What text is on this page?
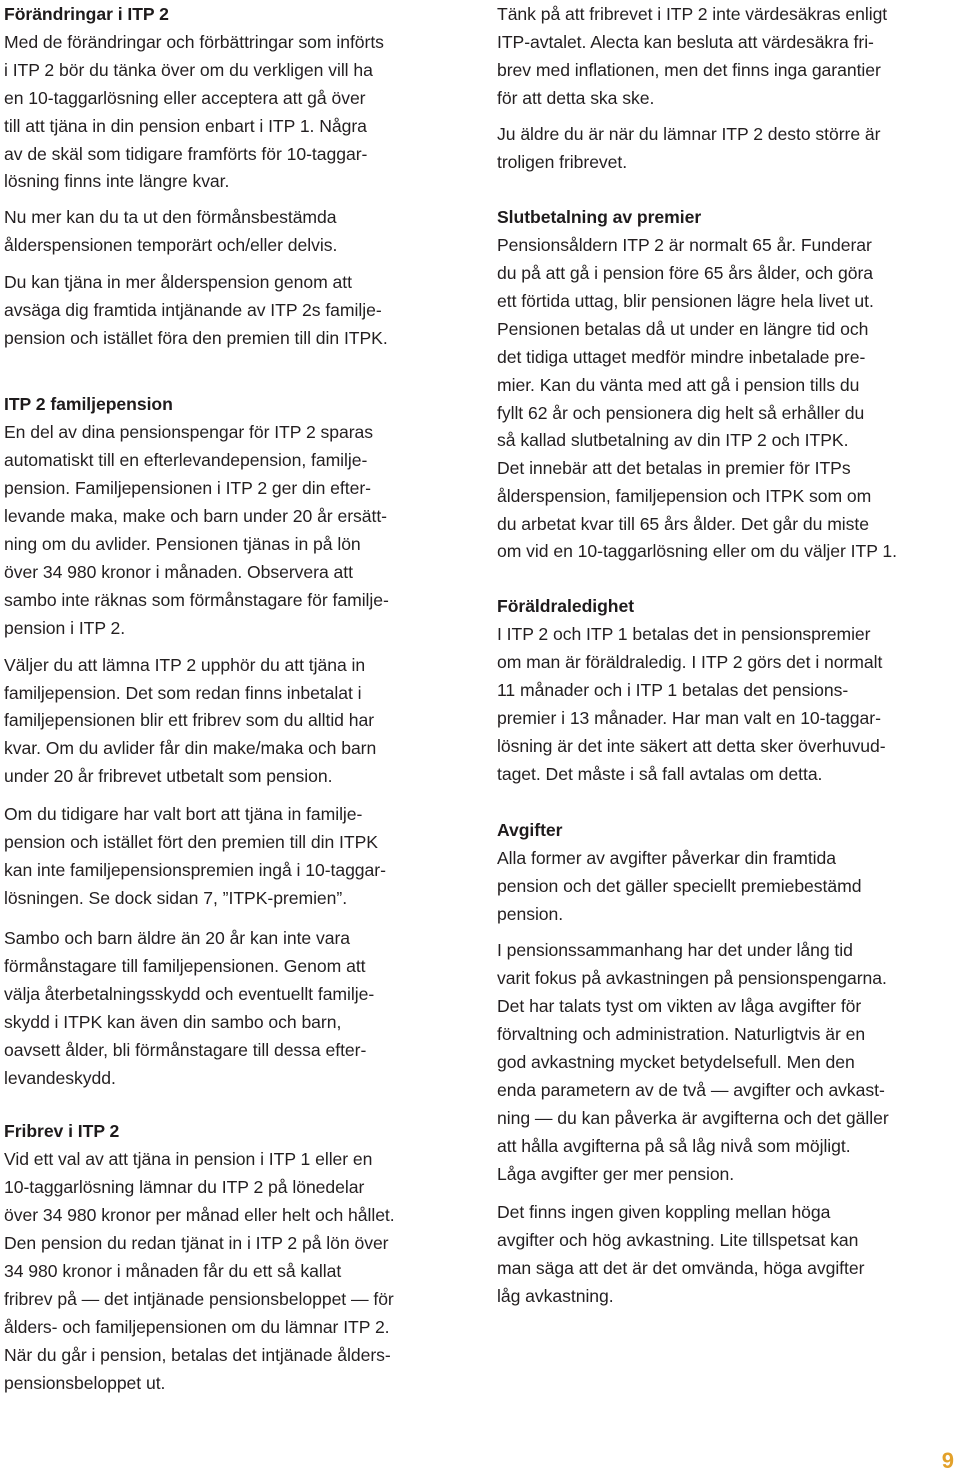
Förändringar i ITP 2
Med de förändringar och förbättringar som införts
i ITP 2 bör du tänka över om du verkligen vill ha
en 10-taggarlösning eller acceptera att gå över
till att tjäna in din pension enbart i ITP 1. Några
av de skäl som tidigare framförts för 10-taggar-
lösning finns inte längre kvar.
Nu mer kan du ta ut den förmånsbestämda
ålderspensionen temporärt och/eller delvis.
Du kan tjäna in mer ålderspension genom att
avsäga dig framtida intjänande av ITP 2s familje-
pension och istället föra den premien till din ITPK.
ITP 2 familjepension
En del av dina pensionspengar för ITP 2 sparas
automatiskt till en efterlevandepension, familje-
pension. Familjepensionen i ITP 2 ger din efter-
levande maka, make och barn under 20 år ersätt-
ning om du avlider. Pensionen tjänas in på lön
över 34 980 kronor i månaden. Observera att
sambo inte räknas som förmånstagare för familje-
pension i ITP 2.
Väljer du att lämna ITP 2 upphör du att tjäna in
familjepension. Det som redan finns inbetalat i
familjepensionen blir ett fribrev som du alltid har
kvar. Om du avlider får din make/maka och barn
under 20 år fribrevet utbetalt som pension.
Om du tidigare har valt bort att tjäna in familje-
pension och istället fört den premien till din ITPK
kan inte familjepensionspremien ingå i 10-taggar-
lösningen. Se dock sidan 7, ”ITPK-premien”.
Sambo och barn äldre än 20 år kan inte vara
förmånstagare till familjepensionen. Genom att
välja återbetalningsskydd och eventuellt familje-
skydd i ITPK kan även din sambo och barn,
oavsett ålder, bli förmånstagare till dessa efter-
levandeskydd.
Fribrev i ITP 2
Vid ett val av att tjäna in pension i ITP 1 eller en
10-taggarlösning lämnar du ITP 2 på lönedelar
över 34 980 kronor per månad eller helt och hållet.
Den pension du redan tjänat in i ITP 2 på lön över
34 980 kronor i månaden får du ett så kallat
fribrev på — det intjänade pensionsbeloppet — för
ålders- och familjepensionen om du lämnar ITP 2.
När du går i pension, betalas det intjänade ålders-
pensionsbeloppet ut.
Tänk på att fribrevet i ITP 2 inte värdesäkras enligt
ITP-avtalet. Alecta kan besluta att värdesäkra fri-
brev med inflationen, men det finns inga garantier
för att detta ska ske.
Ju äldre du är när du lämnar ITP 2 desto större är
troligen fribrevet.
Slutbetalning av premier
Pensionsåldern ITP 2 är normalt 65 år. Funderar
du på att gå i pension före 65 års ålder, och göra
ett förtida uttag, blir pensionen lägre hela livet ut.
Pensionen betalas då ut under en längre tid och
det tidiga uttaget medför mindre inbetalade pre-
mier. Kan du vänta med att gå i pension tills du
fyllt 62 år och pensionera dig helt så erhåller du
så kallad slutbetalning av din ITP 2 och ITPK.
Det innebär att det betalas in premier för ITPs
ålderspension, familjepension och ITPK som om
du arbetat kvar till 65 års ålder. Det går du miste
om vid en 10-taggarlösning eller om du väljer ITP 1.
Föräldraledighet
I ITP 2 och ITP 1 betalas det in pensionspremier
om man är föräldraledig. I ITP 2 görs det i normalt
11 månader och i ITP 1 betalas det pensions-
premier i 13 månader. Har man valt en 10-taggar-
lösning är det inte säkert att detta sker överhuvud-
taget. Det måste i så fall avtalas om detta.
Avgifter
Alla former av avgifter påverkar din framtida
pension och det gäller speciellt premiebestämd
pension.
I pensionssammanhang har det under lång tid
varit fokus på avkastningen på pensionspengarna.
Det har talats tyst om vikten av låga avgifter för
förvaltning och administration. Naturligtvis är en
god avkastning mycket betydelsefull. Men den
enda parametern av de två — avgifter och avkast-
ning — du kan påverka är avgifterna och det gäller
att hålla avgifterna på så låg nivå som möjligt.
Låga avgifter ger mer pension.
Det finns ingen given koppling mellan höga
avgifter och hög avkastning. Lite tillspetsat kan
man säga att det är det omvända, höga avgifter
låg avkastning.
9
